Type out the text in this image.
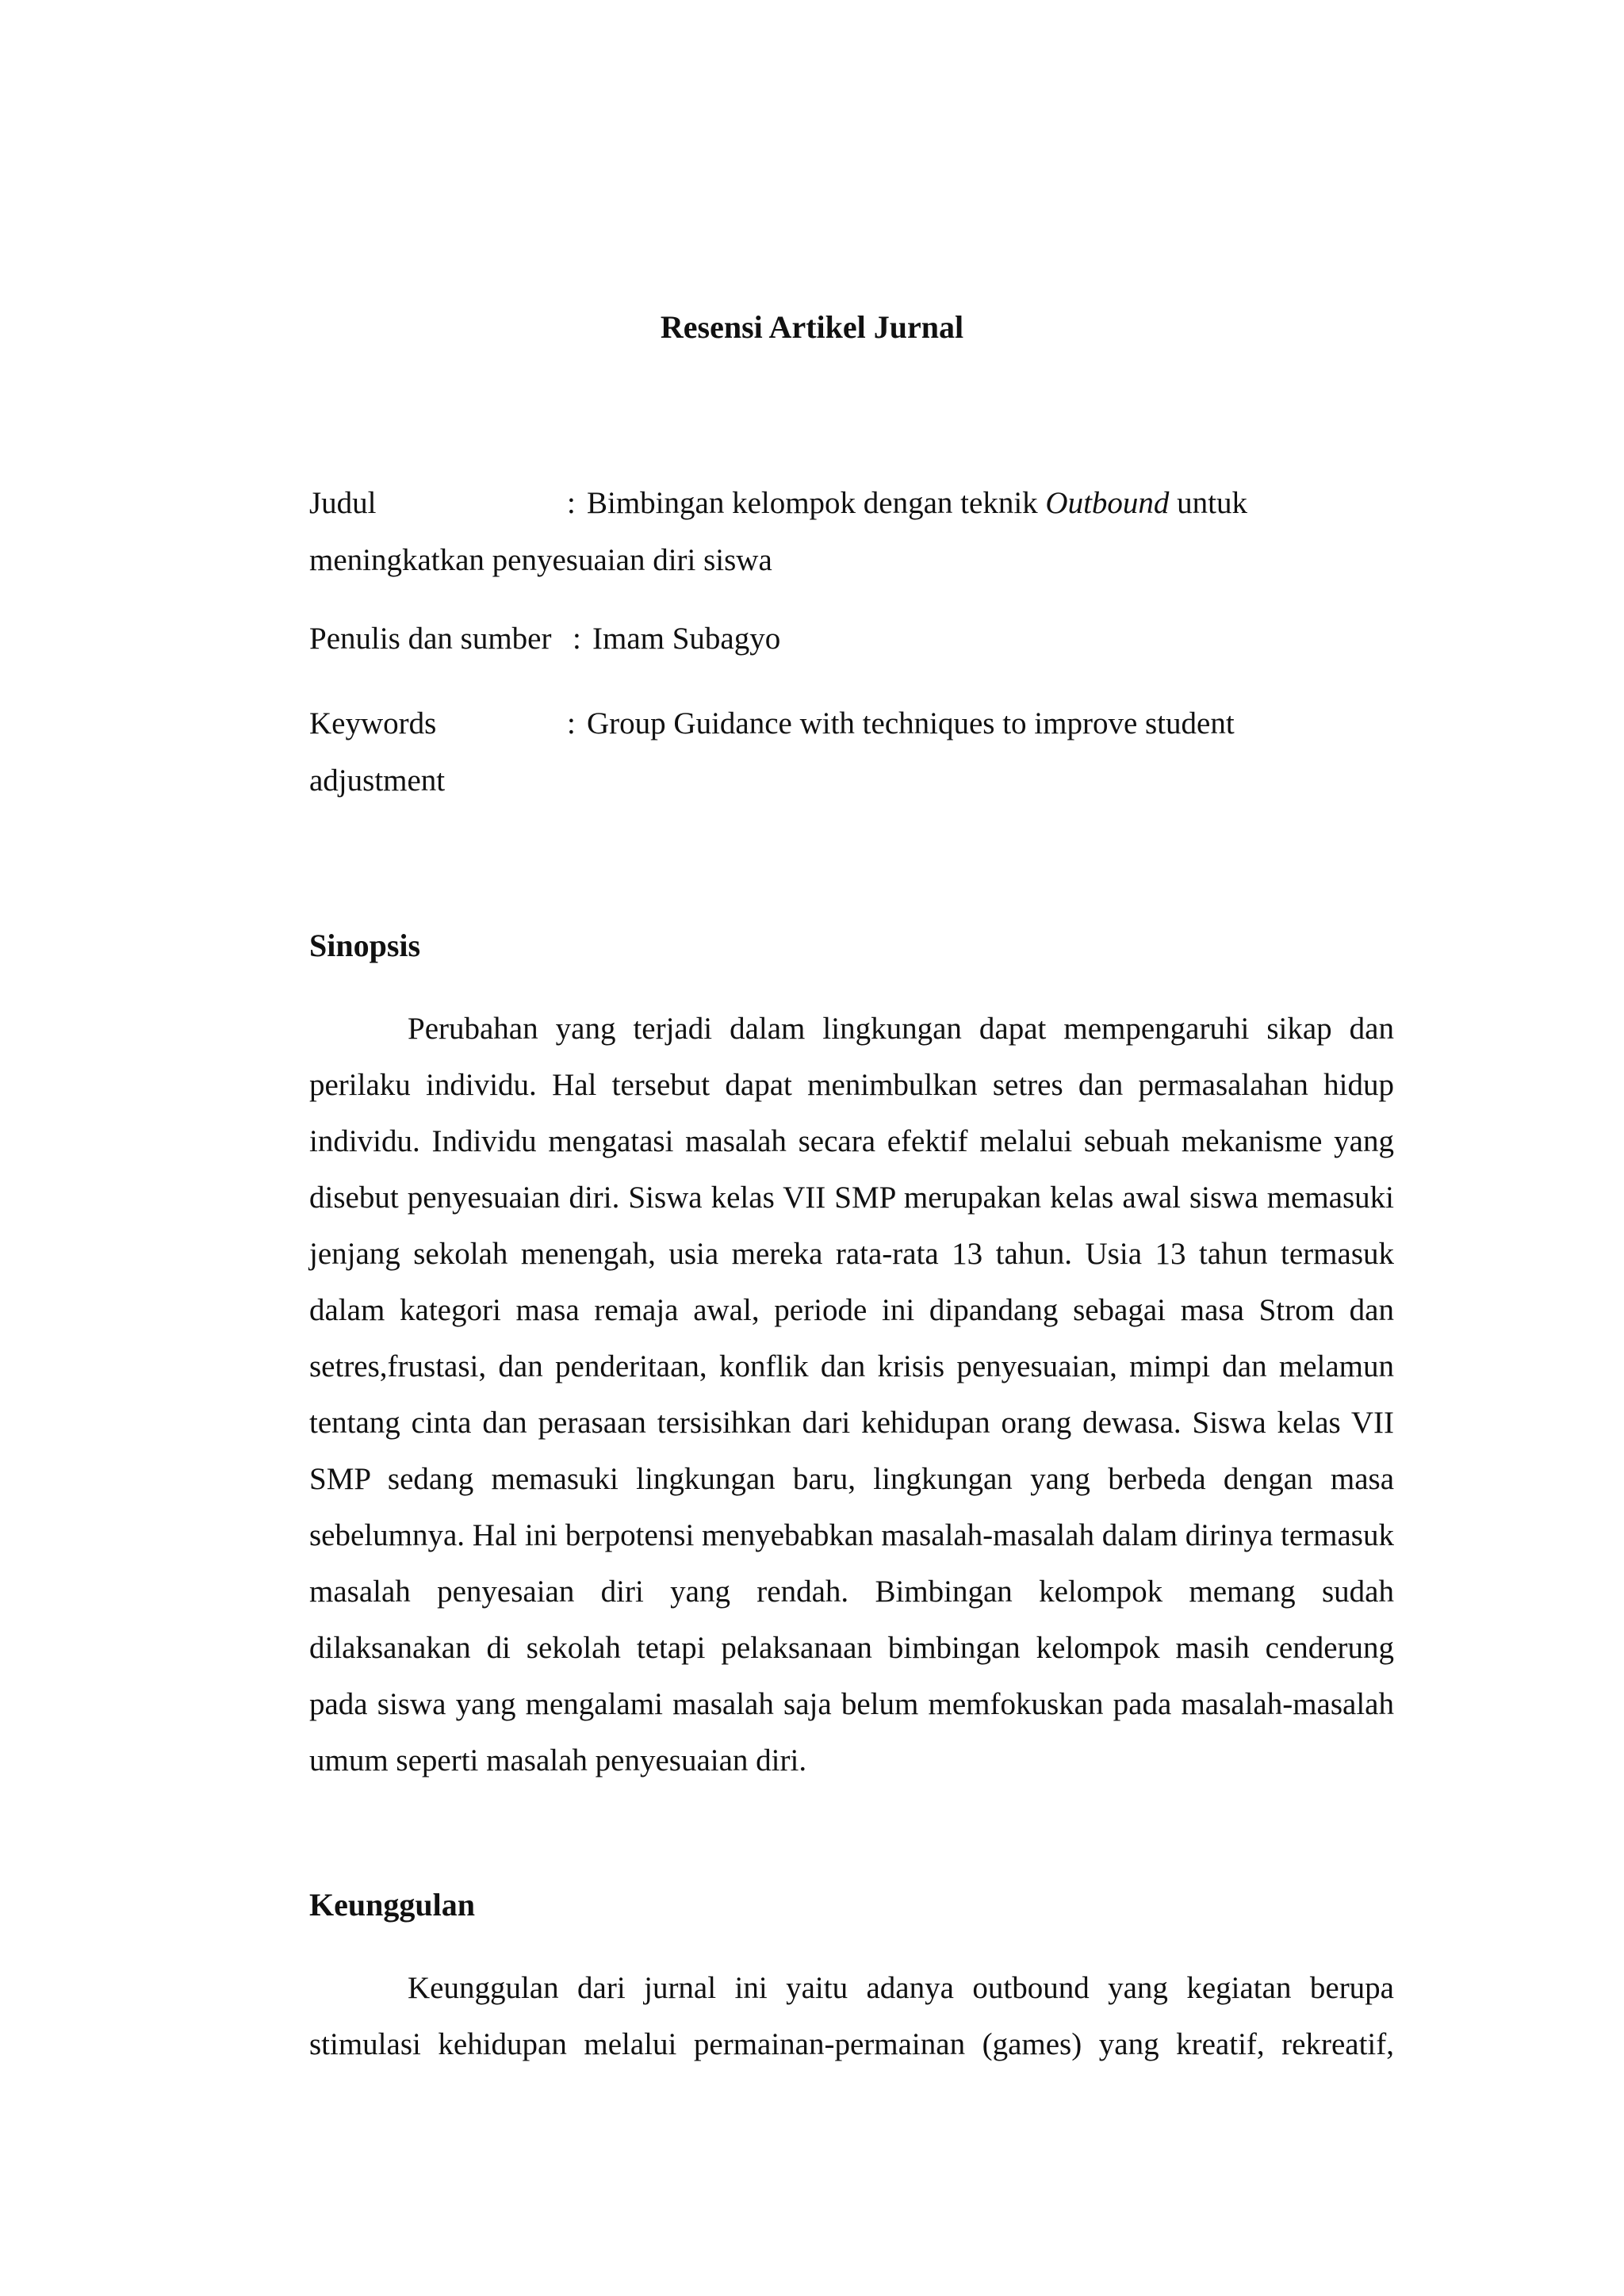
Resensi Artikel Jurnal
Judul	: Bimbingan kelompok dengan teknik Outbound untuk meningkatkan penyesuaian diri siswa
Penulis dan sumber : Imam Subagyo
Keywords	: Group Guidance with techniques to improve student adjustment
Sinopsis

Perubahan yang terjadi dalam lingkungan dapat mempengaruhi sikap dan perilaku individu. Hal tersebut dapat menimbulkan setres dan permasalahan hidup individu. Individu mengatasi masalah secara efektif melalui sebuah mekanisme yang disebut penyesuaian diri. Siswa kelas VII SMP merupakan kelas awal siswa memasuki jenjang sekolah menengah, usia mereka rata-rata 13 tahun. Usia 13 tahun termasuk dalam kategori masa remaja awal, periode ini dipandang sebagai masa Strom dan setres,frustasi, dan penderitaan, konflik dan krisis penyesuaian, mimpi dan melamun tentang cinta dan perasaan tersisihkan dari kehidupan orang dewasa. Siswa kelas VII SMP sedang memasuki lingkungan baru, lingkungan yang berbeda dengan masa sebelumnya. Hal ini berpotensi menyebabkan masalah-masalah dalam dirinya termasuk masalah penyesaian diri yang rendah. Bimbingan kelompok memang sudah dilaksanakan di sekolah tetapi pelaksanaan bimbingan kelompok masih cenderung pada siswa yang mengalami masalah saja belum memfokuskan pada masalah-masalah umum seperti masalah penyesuaian diri.

Keunggulan

Keunggulan dari jurnal ini yaitu adanya outbound yang kegiatan berupa stimulasi kehidupan melalui permainan-permainan (games) yang kreatif, rekreatif,
